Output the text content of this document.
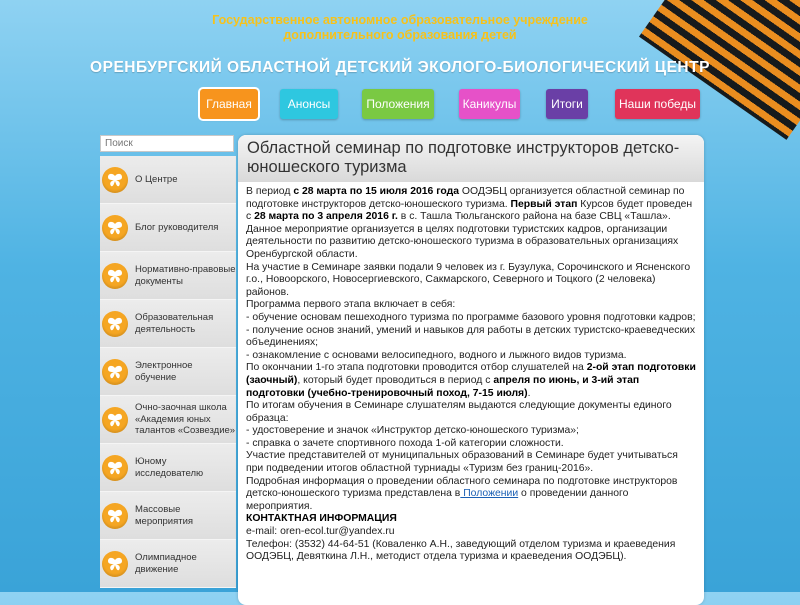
Государственное автономное образовательное учреждение
дополнительного образования детей
ОРЕНБУРГСКИЙ ОБЛАСТНОЙ ДЕТСКИЙ ЭКОЛОГО-БИОЛОГИЧЕСКИЙ ЦЕНТР
Главная	Анонсы	Положения	Каникулы	Итоги	Наши победы
Поиск
О Центре
Блог руководителя
Нормативно-правовые документы
Образовательная деятельность
Электронное обучение
Очно-заочная школа «Академия юных талантов «Созвездие»
Юному исследователю
Массовые мероприятия
Олимпиадное движение
Областной семинар по подготовке инструкторов детско-юношеского туризма

В период с 28 марта по 15 июля 2016 года ООДЭБЦ организуется областной семинар по подготовке инструкторов детско-юношеского туризма. Первый этап Курсов будет проведен с 28 марта по 3 апреля 2016 г. в с. Ташла Тюльганского района на базе СВЦ «Ташла».

Данное мероприятие организуется в целях подготовки туристских кадров, организации деятельности по развитию детско-юношеского туризма в образовательных организациях Оренбургской области.

На участие в Семинаре заявки подали 9 человек из г. Бузулука, Сорочинского и Ясненского г.о., Новоорского, Новосергиевского, Сакмарского, Северного и Тоцкого (2 человека) районов.

Программа первого этапа включает в себя:

- обучение основам пешеходного туризма по программе базового уровня подготовки кадров;

- получение основ знаний, умений и навыков для работы в детских туристско-краеведческих объединениях;

- ознакомление с основами велосипедного, водного и лыжного видов туризма.

По окончании 1-го этапа подготовки проводится отбор слушателей на 2-ой этап подготовки (заочный), который будет проводиться в период с апреля по июнь, и 3-ий этап подготовки (учебно-тренировочный поход, 7-15 июля).

По итогам обучения в Семинаре слушателям выдаются следующие документы единого образца:

- удостоверение и значок «Инструктор детско-юношеского туризма»;

- справка о зачете спортивного похода 1-ой категории сложности.

Участие представителей от муниципальных образований в Семинаре будет учитываться при подведении итогов областной турниады «Туризм без границ-2016».

Подробная информация о проведении областного семинара по подготовке инструкторов детско-юношеского туризма представлена в Положении о проведении данного мероприятия.

КОНТАКТНАЯ ИНФОРМАЦИЯ

e-mail: oren-ecol.tur@yandex.ru

Телефон: (3532) 44-64-51 (Коваленко А.Н., заведующий отделом туризма и краеведения ООДЭБЦ, Девяткина Л.Н., методист отдела туризма и краеведения ООДЭБЦ).
